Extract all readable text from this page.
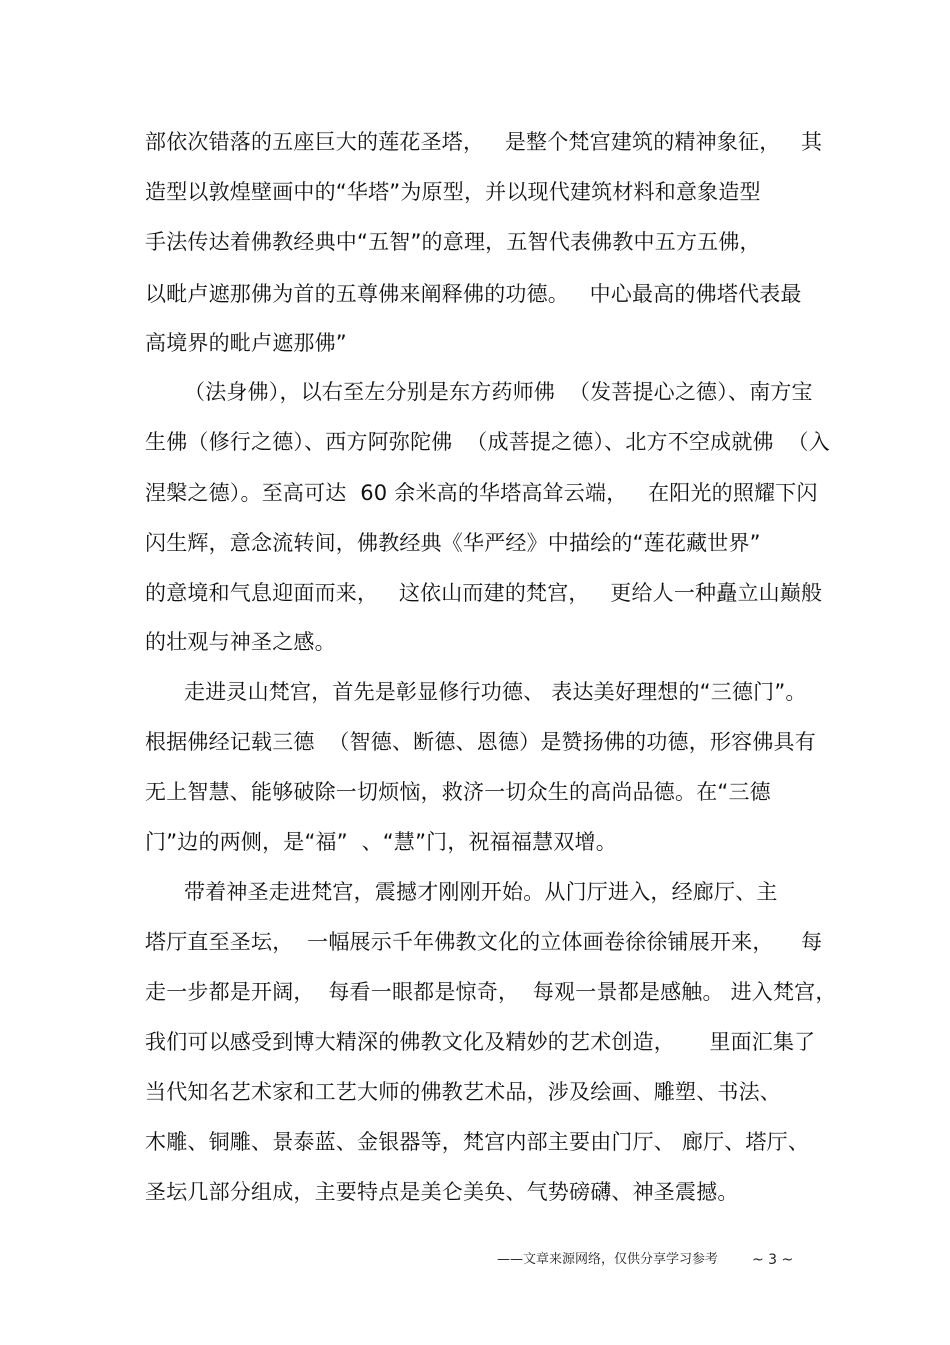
部依次错落的五座巨大的莲花圣塔，   是整个梵宫建筑的精神象征，   其
造型以敦煌壁画中的“华塔”为原型，并以现代建筑材料和意象造型
手法传达着佛教经典中“五智”的意理，五智代表佛教中五方五佛，
以毗卢遮那佛为首的五尊佛来阐释佛的功德。   中心最高的佛塔代表最
高境界的毗卢遮那佛”
（法身佛），以右至左分别是东方药师佛  （发菩提心之德）、南方宝
生佛（修行之德）、西方阿弥陀佛  （成菩提之德）、北方不空成就佛  （入
涅槃之德）。至高可达  60 余米高的华塔高耸云端，   在阳光的照耀下闪
闪生辉，意念流转间，佛教经典《华严经》中描绘的“莲花藏世界”
的意境和气息迎面而来，   这依山而建的梵宫，   更给人一种矗立山巅般
的壮观与神圣之感。
走进灵山梵宫，首先是彰显修行功德、 表达美好理想的“三德门”。
根据佛经记载三德  （智德、断德、恩德）是赞扬佛的功德，形容佛具有
无上智慧、能够破除一切烦恼，救济一切众生的高尚品德。在“三德
门”边的两侧，是“福”  、“慧”门，祝福福慧双增。
带着神圣走进梵宫，震撼才刚刚开始。从门厅进入，经廊厅、主
塔厅直至圣坛，  一幅展示千年佛教文化的立体画卷徐徐铺展开来，    每
走一步都是开阔，  每看一眼都是惊奇，  每观一景都是感触。 进入梵宫，
我们可以感受到博大精深的佛教文化及精妙的艺术创造，     里面汇集了
当代知名艺术家和工艺大师的佛教艺术品，涉及绘画、雕塑、书法、
木雕、铜雕、景泰蓝、金银器等，梵宫内部主要由门厅、 廊厅、塔厅、
圣坛几部分组成，主要特点是美仑美奂、气势磅礴、神圣震撼。
——文章来源网络，仅供分享学习参考 ~ 3 ~
